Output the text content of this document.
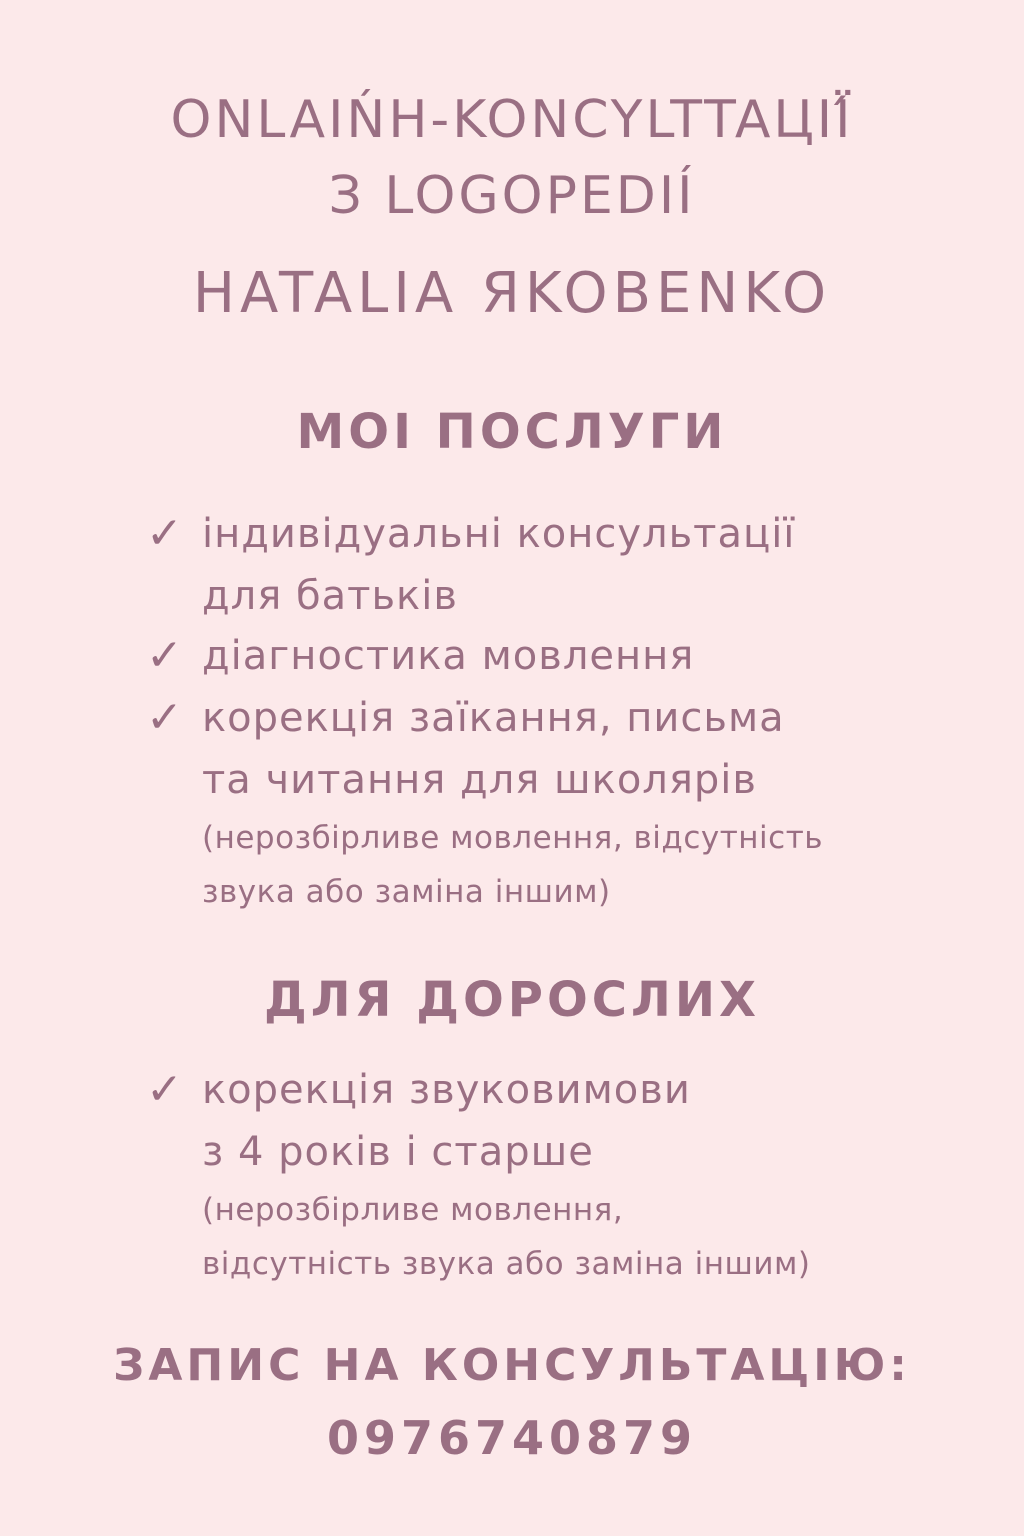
ONLAIŃH-KONCYLTTAЦІЇ́
З LOGOPEDIÍ
HATALIA ЯKOBENKO
МОІ ПОСЛУГИ
✓ індивідуальні консультації
для батьків
✓ діагностика мовлення
✓ корекція заїкання, письма
та читання для школярів
(нерозбірливе мовлення, відсутність
звука або заміна іншим)
ДЛЯ ДОРОСЛИХ
✓ корекція звуковимови
з 4 років і старше
(нерозбірливе мовлення,
відсутність звука або заміна іншим)
ЗАПИС НА КОНСУЛЬТАЦІЮ:
0976740879
